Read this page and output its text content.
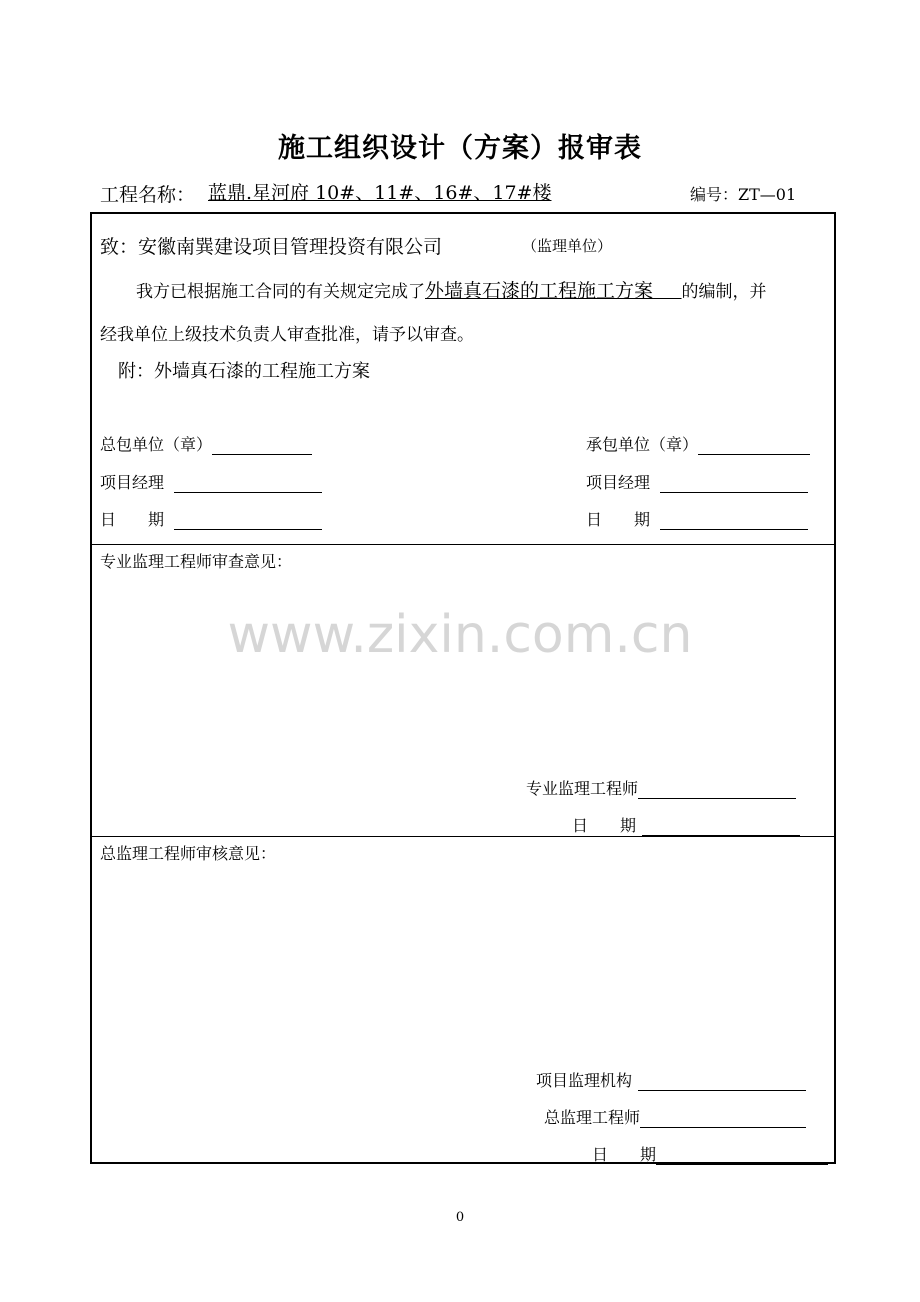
施工组织设计（方案）报审表
工程名称： 蓝鼎.星河府 10#、11#、16#、17#楼	编号：ZT—01
致：安徽南巽建设项目管理投资有限公司	（监理单位）
我方已根据施工合同的有关规定完成了外墙真石漆的工程施工方案　  的编制，并
经我单位上级技术负责人审查批准，请予以审查。
附：外墙真石漆的工程施工方案
总包单位（章）	承包单位（章）
项目经理	项目经理
日　　期	日　　期
专业监理工程师审查意见：
www.zixin.com.cn
专业监理工程师
日　　期
总监理工程师审核意见：
项目监理机构
总监理工程师
日　　期
0
